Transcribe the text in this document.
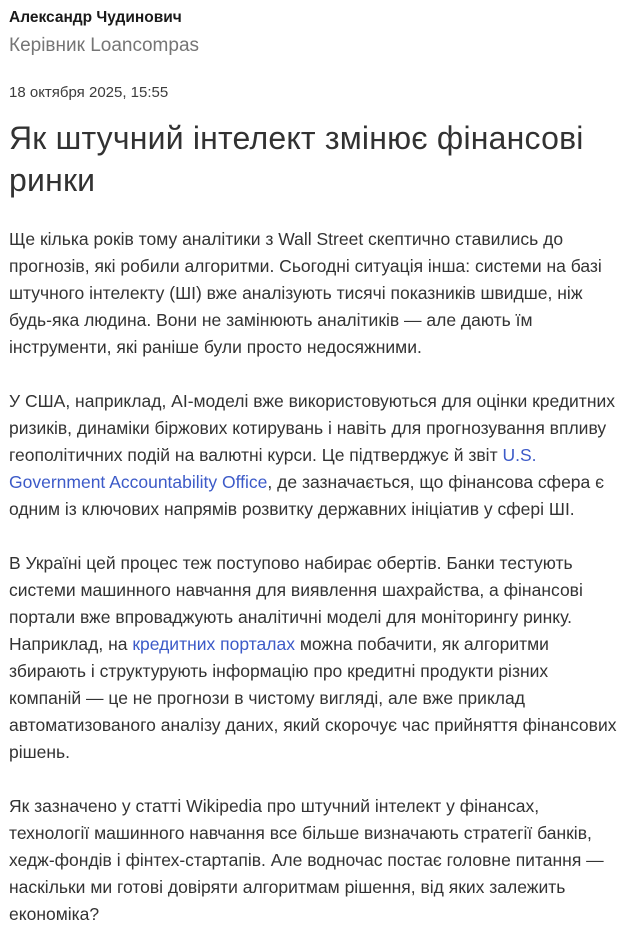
Александр Чудинович
Керівник Loancompas
18 октября 2025, 15:55
Як штучний інтелект змінює фінансові ринки

Ще кілька років тому аналітики з Wall Street скептично ставились до прогнозів, які робили алгоритми. Сьогодні ситуація інша: системи на базі штучного інтелекту (ШІ) вже аналізують тисячі показників швидше, ніж будь-яка людина. Вони не замінюють аналітиків — але дають їм інструменти, які раніше були просто недосяжними.

У США, наприклад, AI-моделі вже використовуються для оцінки кредитних ризиків, динаміки біржових котирувань і навіть для прогнозування впливу геополітичних подій на валютні курси. Це підтверджує й звіт U.S. Government Accountability Office, де зазначається, що фінансова сфера є одним із ключових напрямів розвитку державних ініціатив у сфері ШІ.

В Україні цей процес теж поступово набирає обертів. Банки тестують системи машинного навчання для виявлення шахрайства, а фінансові портали вже впроваджують аналітичні моделі для моніторингу ринку. Наприклад, на кредитних порталах можна побачити, як алгоритми збирають і структурують інформацію про кредитні продукти різних компаній — це не прогнози в чистому вигляді, але вже приклад автоматизованого аналізу даних, який скорочує час прийняття фінансових рішень.

Як зазначено у статті Wikipedia про штучний інтелект у фінансах, технології машинного навчання все більше визначають стратегії банків, хедж-фондів і фінтех-стартапів. Але водночас постає головне питання — наскільки ми готові довіряти алгоритмам рішення, від яких залежить економіка?
